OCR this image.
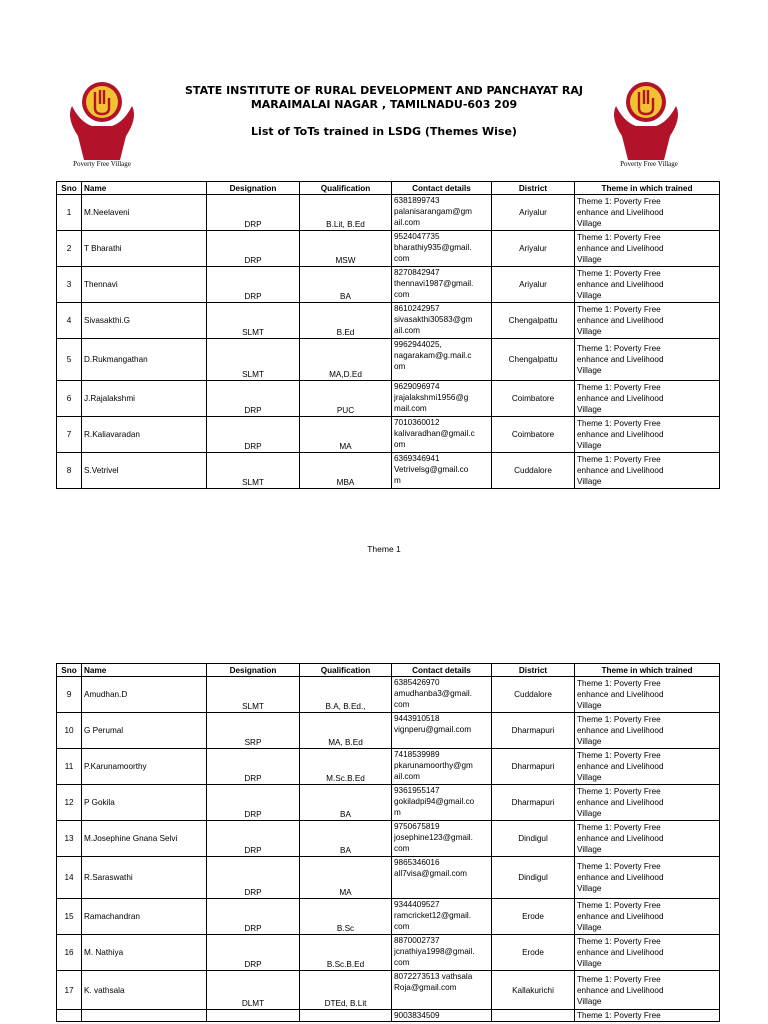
Poverty Free Village
STATE INSTITUTE OF RURAL DEVELOPMENT AND PANCHAYAT RAJ
MARAIMALAI NAGAR , TAMILNADU-603 209
List of ToTs trained in LSDG (Themes Wise)
Poverty Free Village
Sno	Name	Designation	Qualification	Contact details	District	Theme in which trained
1	M.Neelaveni	DRP	B.Lit, B.Ed	6381899743
palanisarangam@gm
ail.com	Ariyalur	Theme 1: Poverty Free
enhance and Livelihood
Village
2	T Bharathi	DRP	MSW	9524047735
bharathiy935@gmail.
com	Ariyalur	Theme 1: Poverty Free
enhance and Livelihood
Village
3	Thennavi	DRP	BA	8270842947
thennavi1987@gmail.
com	Ariyalur	Theme 1: Poverty Free
enhance and Livelihood
Village
4	Sivasakthi.G	SLMT	B.Ed	8610242957
sivasakthi30583@gm
ail.com	Chengalpattu	Theme 1: Poverty Free
enhance and Livelihood
Village
5	D.Rukmangathan	SLMT	MA,D.Ed	9962944025,
nagarakam@g.mail.c
om	Chengalpattu	Theme 1: Poverty Free
enhance and Livelihood
Village
6	J.Rajalakshmi	DRP	PUC	9629096974
jrajalakshmi1956@g
mail.com	Coimbatore	Theme 1: Poverty Free
enhance and Livelihood
Village
7	R.Kaliavaradan	DRP	MA	7010360012
kalivaradhan@gmail.c
om	Coimbatore	Theme 1: Poverty Free
enhance and Livelihood
Village
8	S.Vetrivel	SLMT	MBA	6369346941
Vetrivelsg@gmail.co
m	Cuddalore	Theme 1: Poverty Free
enhance and Livelihood
Village
Theme 1
Sno	Name	Designation	Qualification	Contact details	District	Theme in which trained
9	Amudhan.D	SLMT	B.A, B.Ed.,	6385426970
amudhanba3@gmail.
com	Cuddalore	Theme 1: Poverty Free
enhance and Livelihood
Village
10	G Perumal	SRP	MA, B.Ed	9443910518
vignperu@gmail.com	Dharmapuri	Theme 1: Poverty Free
enhance and Livelihood
Village
11	P.Karunamoorthy	DRP	M.Sc.B.Ed	7418539989
pkarunamoorthy@gm
ail.com	Dharmapuri	Theme 1: Poverty Free
enhance and Livelihood
Village
12	P Gokila	DRP	BA	9361955147
gokiladpi94@gmail.co
m	Dharmapuri	Theme 1: Poverty Free
enhance and Livelihood
Village
13	M.Josephine Gnana Selvi	DRP	BA	9750675819
josephine123@gmail.
com	Dindigul	Theme 1: Poverty Free
enhance and Livelihood
Village
14	R.Saraswathi	DRP	MA	9865346016
all7visa@gmail.com	Dindigul	Theme 1: Poverty Free
enhance and Livelihood
Village
15	Ramachandran	DRP	B.Sc	9344409527
ramcricket12@gmail.
com	Erode	Theme 1: Poverty Free
enhance and Livelihood
Village
16	M. Nathiya	DRP	B.Sc.B.Ed	8870002737
jcnathiya1998@gmail.
com	Erode	Theme 1: Poverty Free
enhance and Livelihood
Village
17	K. vathsala	DLMT	DTEd, B.Lit	8072273513 vathsala
Roja@gmail.com	Kallakurichi	Theme 1: Poverty Free
enhance and Livelihood
Village
				9003834509		Theme 1: Poverty Free
